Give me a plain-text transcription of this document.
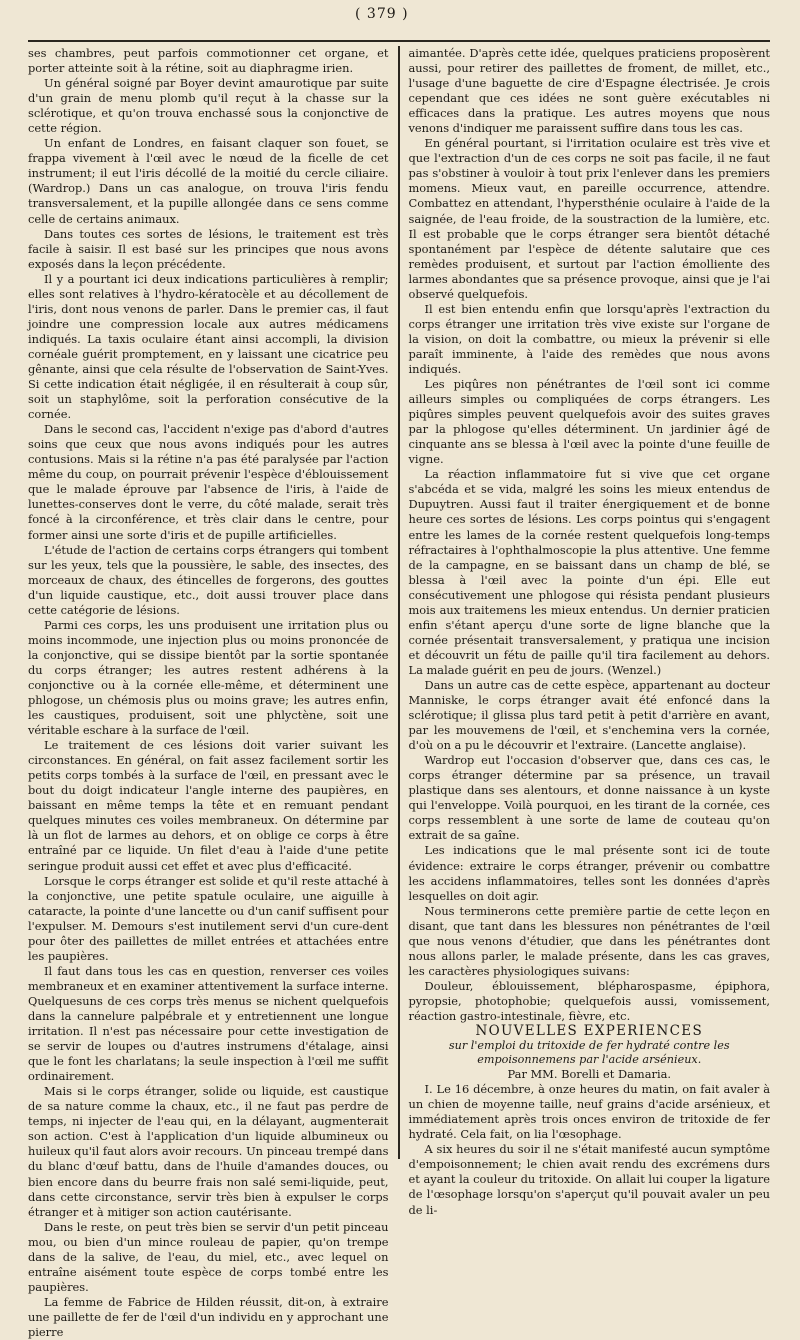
( 379 )

ses chambres, peut parfois commotionner cet organe, et porter atteinte soit à la rétine, soit au diaphragme irien.

Un général soigné par Boyer devint amaurotique par suite d'un grain de menu plomb qu'il reçut à la chasse sur la sclérotique, et qu'on trouva enchassé sous la conjonctive de cette région.

Un enfant de Londres, en faisant claquer son fouet, se frappa vivement à l'œil avec le nœud de la ficelle de cet instrument; il eut l'iris décollé de la moitié du cercle ciliaire. (Wardrop.) Dans un cas analogue, on trouva l'iris fendu transversalement, et la pupille allongée dans ce sens comme celle de certains animaux.

Dans toutes ces sortes de lésions, le traitement est très facile à saisir. Il est basé sur les principes que nous avons exposés dans la leçon précédente.

Il y a pourtant ici deux indications particulières à remplir; elles sont relatives à l'hydro-kératocèle et au décollement de l'iris, dont nous venons de parler. Dans le premier cas, il faut joindre une compression locale aux autres médicamens indiqués. La taxis oculaire étant ainsi accompli, la division cornéale guérit promptement, en y laissant une cicatrice peu gênante, ainsi que cela résulte de l'observation de Saint-Yves. Si cette indication était négligée, il en résulterait à coup sûr, soit un staphylôme, soit la perforation consécutive de la cornée.

Dans le second cas, l'accident n'exige pas d'abord d'autres soins que ceux que nous avons indiqués pour les autres contusions. Mais si la rétine n'a pas été paralysée par l'action même du coup, on pourrait prévenir l'espèce d'éblouissement que le malade éprouve par l'absence de l'iris, à l'aide de lunettes-conserves dont le verre, du côté malade, serait très foncé à la circonférence, et très clair dans le centre, pour former ainsi une sorte d'iris et de pupille artificielles.

L'étude de l'action de certains corps étrangers qui tombent sur les yeux, tels que la poussière, le sable, des insectes, des morceaux de chaux, des étincelles de forgerons, des gouttes d'un liquide caustique, etc., doit aussi trouver place dans cette catégorie de lésions.

Parmi ces corps, les uns produisent une irritation plus ou moins incommode, une injection plus ou moins prononcée de la conjonctive, qui se dissipe bientôt par la sortie spontanée du corps étranger; les autres restent adhérens à la conjonctive ou à la cornée elle-même, et déterminent une phlogose, un chémosis plus ou moins grave; les autres enfin, les caustiques, produisent, soit une phlyctène, soit une véritable eschare à la surface de l'œil.

Le traitement de ces lésions doit varier suivant les circonstances. En général, on fait assez facilement sortir les petits corps tombés à la surface de l'œil, en pressant avec le bout du doigt indicateur l'angle interne des paupières, en baissant en même temps la tête et en remuant pendant quelques minutes ces voiles membraneux. On détermine par là un flot de larmes au dehors, et on oblige ce corps à être entraîné par ce liquide. Un filet d'eau à l'aide d'une petite seringue produit aussi cet effet et avec plus d'efficacité.

Lorsque le corps étranger est solide et qu'il reste attaché à la conjonctive, une petite spatule oculaire, une aiguille à cataracte, la pointe d'une lancette ou d'un canif suffisent pour l'expulser. M. Demours s'est inutilement servi d'un cure-dent pour ôter des paillettes de millet entrées et attachées entre les paupières.

Il faut dans tous les cas en question, renverser ces voiles membraneux et en examiner attentivement la surface interne. Quelquesuns de ces corps très menus se nichent quelquefois dans la cannelure palpébrale et y entretiennent une longue irritation. Il n'est pas nécessaire pour cette investigation de se servir de loupes ou d'autres instrumens d'étalage, ainsi que le font les charlatans; la seule inspection à l'œil me suffit ordinairement.

Mais si le corps étranger, solide ou liquide, est caustique de sa nature comme la chaux, etc., il ne faut pas perdre de temps, ni injecter de l'eau qui, en la délayant, augmenterait son action. C'est à l'application d'un liquide albumineux ou huileux qu'il faut alors avoir recours. Un pinceau trempé dans du blanc d'œuf battu, dans de l'huile d'amandes douces, ou bien encore dans du beurre frais non salé semi-liquide, peut, dans cette circonstance, servir très bien à expulser le corps étranger et à mitiger son action cautérisante.

Dans le reste, on peut très bien se servir d'un petit pinceau mou, ou bien d'un mince rouleau de papier, qu'on trempe dans de la salive, de l'eau, du miel, etc., avec lequel on entraîne aisément toute espèce de corps tombé entre les paupières.

La femme de Fabrice de Hilden réussit, dit-on, à extraire une paillette de fer de l'œil d'un individu en y approchant une pierre

aimantée. D'après cette idée, quelques praticiens proposèrent aussi, pour retirer des paillettes de froment, de millet, etc., l'usage d'une baguette de cire d'Espagne électrisée. Je crois cependant que ces idées ne sont guère exécutables ni efficaces dans la pratique. Les autres moyens que nous venons d'indiquer me paraissent suffire dans tous les cas.

En général pourtant, si l'irritation oculaire est très vive et que l'extraction d'un de ces corps ne soit pas facile, il ne faut pas s'obstiner à vouloir à tout prix l'enlever dans les premiers momens. Mieux vaut, en pareille occurrence, attendre. Combattez en attendant, l'hypersthénie oculaire à l'aide de la saignée, de l'eau froide, de la soustraction de la lumière, etc. Il est probable que le corps étranger sera bientôt détaché spontanément par l'espèce de détente salutaire que ces remèdes produisent, et surtout par l'action émolliente des larmes abondantes que sa présence provoque, ainsi que je l'ai observé quelquefois.

Il est bien entendu enfin que lorsqu'après l'extraction du corps étranger une irritation très vive existe sur l'organe de la vision, on doit la combattre, ou mieux la prévenir si elle paraît imminente, à l'aide des remèdes que nous avons indiqués.

Les piqûres non pénétrantes de l'œil sont ici comme ailleurs simples ou compliquées de corps étrangers. Les piqûres simples peuvent quelquefois avoir des suites graves par la phlogose qu'elles déterminent. Un jardinier âgé de cinquante ans se blessa à l'œil avec la pointe d'une feuille de vigne.

La réaction inflammatoire fut si vive que cet organe s'abcéda et se vida, malgré les soins les mieux entendus de Dupuytren. Aussi faut il traiter énergiquement et de bonne heure ces sortes de lésions. Les corps pointus qui s'engagent entre les lames de la cornée restent quelquefois long-temps réfractaires à l'ophthalmoscopie la plus attentive. Une femme de la campagne, en se baissant dans un champ de blé, se blessa à l'œil avec la pointe d'un épi. Elle eut consécutivement une phlogose qui résista pendant plusieurs mois aux traitemens les mieux entendus. Un dernier praticien enfin s'étant aperçu d'une sorte de ligne blanche que la cornée présentait transversalement, y pratiqua une incision et découvrit un fétu de paille qu'il tira facilement au dehors. La malade guérit en peu de jours. (Wenzel.)

Dans un autre cas de cette espèce, appartenant au docteur Manniske, le corps étranger avait été enfoncé dans la sclérotique; il glissa plus tard petit à petit d'arrière en avant, par les mouvemens de l'œil, et s'enchemina vers la cornée, d'où on a pu le découvrir et l'extraire. (Lancette anglaise).

Wardrop eut l'occasion d'observer que, dans ces cas, le corps étranger détermine par sa présence, un travail plastique dans ses alentours, et donne naissance à un kyste qui l'enveloppe. Voilà pourquoi, en les tirant de la cornée, ces corps ressemblent à une sorte de lame de couteau qu'on extrait de sa gaîne.

Les indications que le mal présente sont ici de toute évidence: extraire le corps étranger, prévenir ou combattre les accidens inflammatoires, telles sont les données d'après lesquelles on doit agir.

Nous terminerons cette première partie de cette leçon en disant, que tant dans les blessures non pénétrantes de l'œil que nous venons d'étudier, que dans les pénétrantes dont nous allons parler, le malade présente, dans les cas graves, les caractères physiologiques suivans:

Douleur, éblouissement, blépharospasme, épiphora, pyropsie, photophobie; quelquefois aussi, vomissement, réaction gastro-intestinale, fièvre, etc.

NOUVELLES EXPERIENCES

sur l'emploi du tritoxide de fer hydraté contre les empoisonnemens par l'acide arsénieux.

Par MM. Borelli et Damaria.

I. Le 16 décembre, à onze heures du matin, on fait avaler à un chien de moyenne taille, neuf grains d'acide arsénieux, et immédiatement après trois onces environ de tritoxide de fer hydraté. Cela fait, on lia l'œsophage.

A six heures du soir il ne s'était manifesté aucun symptôme d'empoisonnement; le chien avait rendu des excrémens durs et ayant la couleur du tritoxide. On allait lui couper la ligature de l'œsophage lorsqu'on s'aperçut qu'il pouvait avaler un peu de li-
